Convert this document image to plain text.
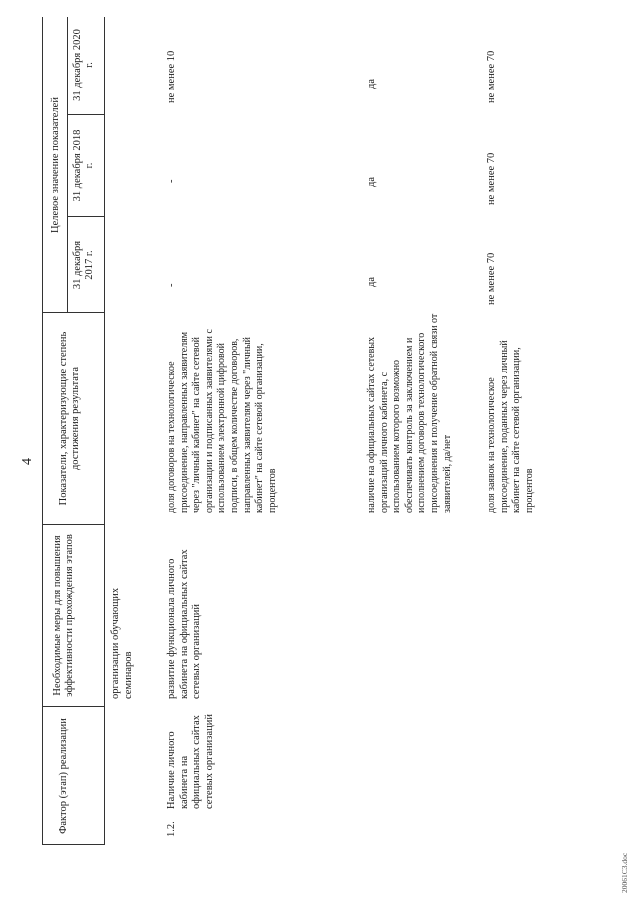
4
Фактор (этап) реализации
Необходимые меры для повышения эффективности прохождения этапов
Показатели, характеризующие степень достижения результата
Целевое значение показателей
31 декабря 2017 г.
31 декабря 2018 г.
31 декабря 2020 г.
организации обучающих семинаров
1.2.
Наличие личного кабинета на официальных сайтах сетевых организаций
развитие функционала личного кабинета на официальных сайтах сетевых организаций
доля договоров на технологическое присоединение, направленных заявителям через "личный кабинет" на сайте сетевой организации и подписанных заявителями с использованием электронной цифровой подписи, в общем количестве договоров, направленных заявителям через "личный кабинет" на сайте сетевой организации, процентов
-
-
не менее 10
наличие на официальных сайтах сетевых организаций личного кабинета, с использованием которого возможно обеспечивать контроль за заключением и исполнением договоров технологического присоединения и получение обратной связи от заявителей, да/нет
да
да
да
доля заявок на технологическое присоединение, поданных через личный кабинет на сайте сетевой организации, процентов
не менее 70
не менее 70
не менее 70
20061С3.doc
